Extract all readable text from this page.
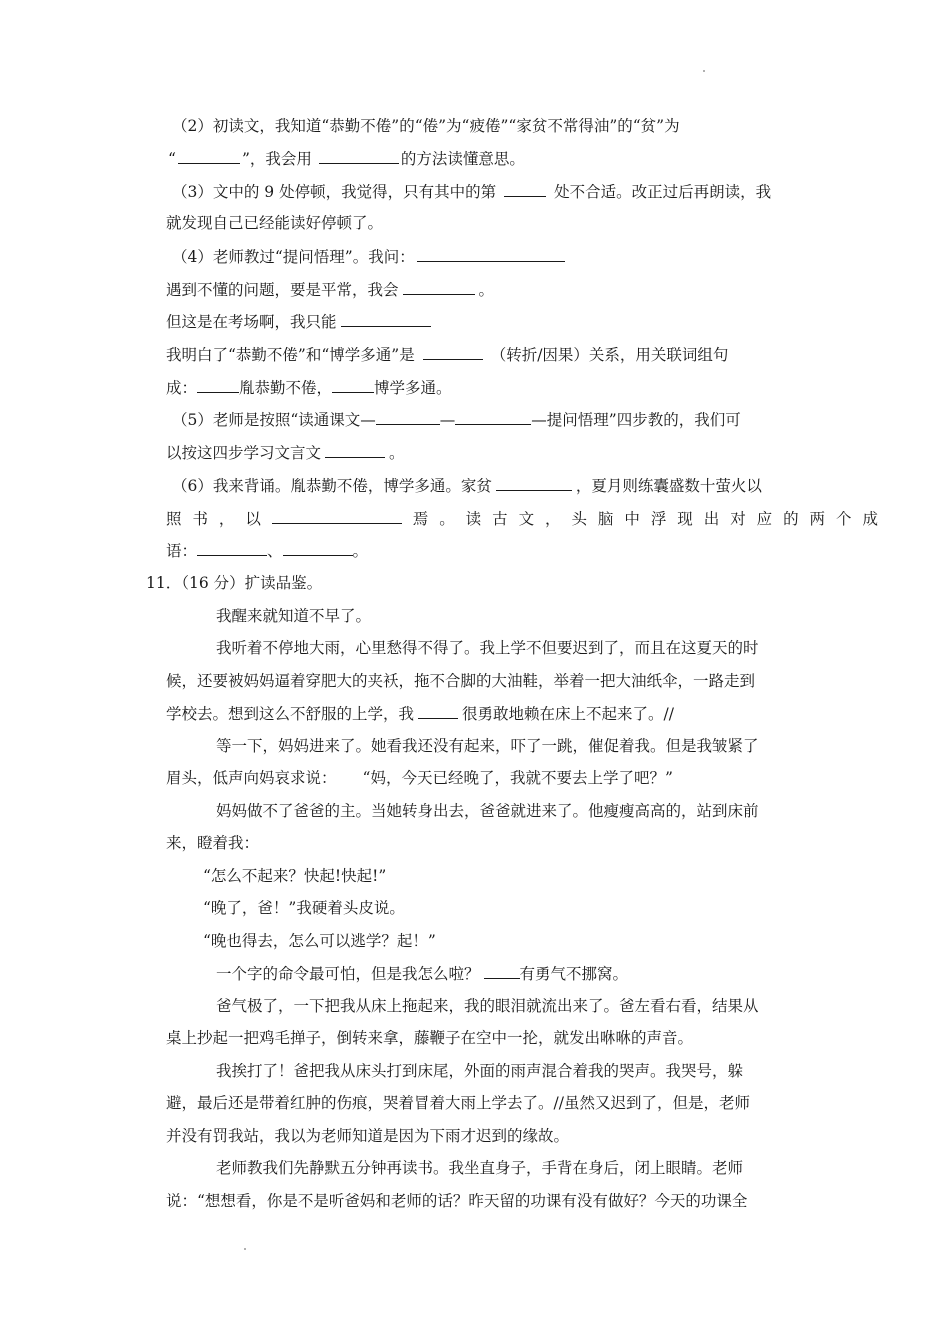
（2）初读文，我知道“恭勤不倦”的“倦”为“疲倦”“家贫不常得油”的“贫”为
“	”，我会用	的方法读懂意思。
（3）文中的 9 处停顿，我觉得，只有其中的第	处不合适。改正过后再朗读，我
就发现自己已经能读好停顿了。
（4）老师教过“提问悟理”。我问：
遇到不懂的问题，要是平常，我会	。
但这是在考场啊，我只能
我明白了“恭勤不倦”和“博学多通”是	（转折/因果）关系，用关联词组句
成：	胤恭勤不倦，	博学多通。
（5）老师是按照“读通课文—	—	—提问悟理”四步教的，我们可
以按这四步学习文言文	。
（6）我来背诵。胤恭勤不倦，博学多通。家贫	，夏月则练囊盛数十萤火以
照 书 ， 以	焉 。 读 古 文 ， 头 脑 中 浮 现 出 对 应 的 两 个 成
语：	、	。
11．（16 分）扩读品鉴。
我醒来就知道不早了。
我听着不停地大雨，心里愁得不得了。我上学不但要迟到了，而且在这夏天的时
候，还要被妈妈逼着穿肥大的夹袄，拖不合脚的大油鞋，举着一把大油纸伞，一路走到
学校去。想到这么不舒服的上学，我	很勇敢地赖在床上不起来了。//
等一下，妈妈进来了。她看我还没有起来，吓了一跳，催促着我。但是我皱紧了
眉头，低声向妈哀求说： “妈，今天已经晚了，我就不要去上学了吧？”
妈妈做不了爸爸的主。当她转身出去，爸爸就进来了。他瘦瘦高高的，站到床前
来，瞪着我：
“怎么不起来？快起!快起!”
“晚了，爸！”我硬着头皮说。
“晚也得去，怎么可以逃学？起！”
一个字的命令最可怕，但是我怎么啦？	有勇气不挪窝。
爸气极了，一下把我从床上拖起来，我的眼泪就流出来了。爸左看右看，结果从
桌上抄起一把鸡毛掸子，倒转来拿，藤鞭子在空中一抡，就发出咻咻的声音。
我挨打了！爸把我从床头打到床尾，外面的雨声混合着我的哭声。我哭号，躲
避，最后还是带着红肿的伤痕，哭着冒着大雨上学去了。//虽然又迟到了，但是，老师
并没有罚我站，我以为老师知道是因为下雨才迟到的缘故。
老师教我们先静默五分钟再读书。我坐直身子，手背在身后，闭上眼睛。老师
说：“想想看，你是不是听爸妈和老师的话？昨天留的功课有没有做好？今天的功课全
